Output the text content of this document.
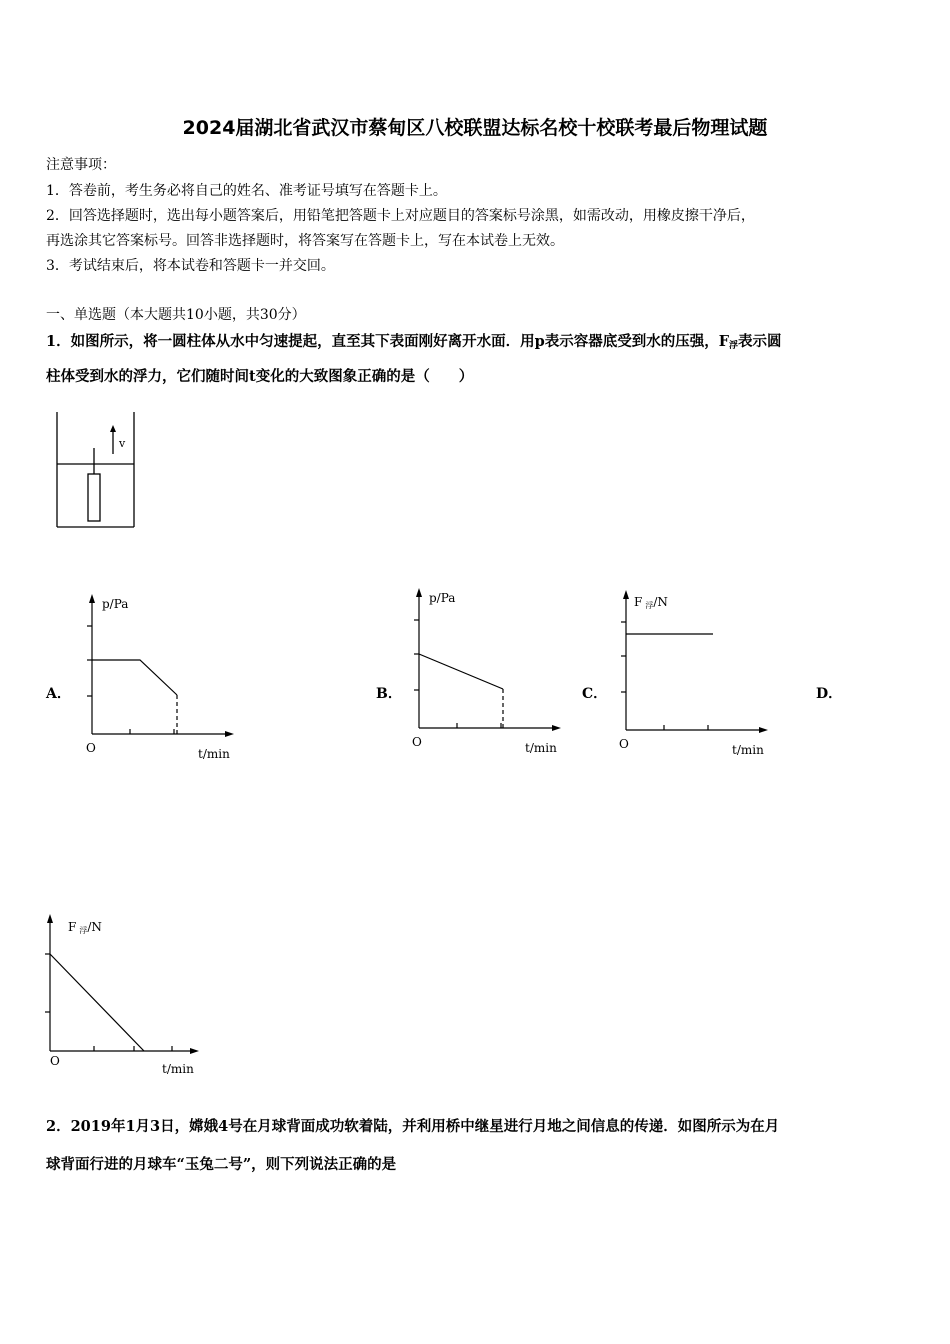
2024届湖北省武汉市蔡甸区八校联盟达标名校十校联考最后物理试题
注意事项：
1．答卷前，考生务必将自己的姓名、准考证号填写在答题卡上。
2．回答选择题时，选出每小题答案后，用铅笔把答题卡上对应题目的答案标号涂黑，如需改动，用橡皮擦干净后，
再选涂其它答案标号。回答非选择题时，将答案写在答题卡上，写在本试卷上无效。
3．考试结束后，将本试卷和答题卡一并交回。
一、单选题（本大题共10小题，共30分）
1．如图所示，将一圆柱体从水中匀速提起，直至其下表面刚好离开水面．用p表示容器底受到水的压强，$F_浮$表示圆
柱体受到水的浮力，它们随时间t变化的大致图象正确的是（　　）
v
A．
p/Pa
O	t/min
B．
p/Pa
O	t/min
C．
F浮/N
O	t/min
D．
F浮/N
O
t/min
2．2019年1月3日，嫦娥4号在月球背面成功软着陆，并利用桥中继星进行月地之间信息的传递．如图所示为在月
球背面行进的月球车“玉兔二号”，则下列说法正确的是
